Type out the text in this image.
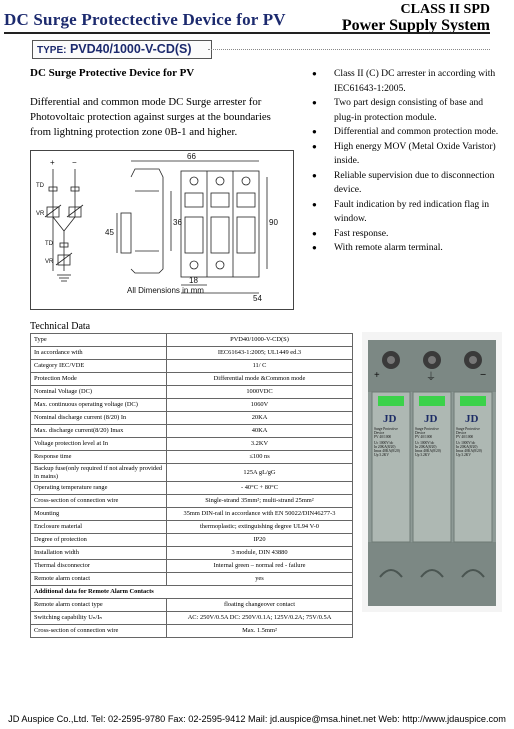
DC Surge Protectective Device for PV
CLASS II SPD
Power Supply System
TYPE: PVD40/1000-V-CD(S)
DC Surge Protective Device for PV
Differential and common mode DC Surge arrester for Photovoltaic protection against surges at the boundaries from lightning protection zone 0B-1 and higher.
● Class II (C) DC arrester in according with IEC61643-1:2005.
● Two part design consisting of base and plug-in protection module.
● Differential and common protection mode.
● High energy MOV (Metal Oxide Varistor) inside.
● Reliable supervision due to disconnection device.
● Fault indication by red indication flag in window.
● Fast response.
● With remote alarm terminal.
+ −
TD
VR
TD
VR
66
45
36	90
18
54
All Dimensions in mm
Technical Data
Type	PVD40/1000-V-CD(S)
In accordance with	IEC61643-1:2005; UL1449 ed.3
Category IEC/VDE	11/ C
Protection Mode	Differential mode &Common mode
Nominal Voltage (DC)	1000VDC
Max. continuous operating voltage (DC)	1060V
Nominal discharge current (8/20) In	20KA
Max. discharge current(8/20) Imax	40KA
Voltage protection level at In	3.2KV
Response time	≤100 ns
Backup fuse(only required if not already provided in mains)	125A gL/gG
Operating temperature range	- 40°C + 80°C
Cross-section of connection wire	Single-strand 35mm²; multi-strand 25mm²
Mounting	35mm DIN-rail in accordance with EN 50022/DIN46277-3
Enclosure material	thermoplastic; extinguishing degree UL94 V-0
Degree of protection	IP20
Installation width	3 module, DIN 43880
Thermal disconnector	Internal green – normal red - failure
Remote alarm contact	yes
Additional data for Remote Alarm Contacts	
Remote alarm contact type	floating changeover contact
Switching capability Uₙ/Iₙ	AC: 250V/0.5A DC: 250V/0.1A; 125V/0.2A; 75V/0.5A
Cross-section of connection wire	Max. 1.5mm²
+	⏚	−
JD	JD	JD
Surge Protective
Device
PV 40/1000
Uc 1000V/dc
In 20KA(8/20)
Imax 40KA(8/20)
Up 3.2KV
Surge Protective
Device
PV 40/1000
Uc 1000V/dc
In 20KA(8/20)
Imax 40KA(8/20)
Up 3.2KV
Surge Protective
Device
PV 40/1000
Uc 1000V/dc
In 20KA(8/20)
Imax 40KA(8/20)
Up 3.2KV
JD Auspice Co.,Ltd. Tel: 02-2595-9780 Fax: 02-2595-9412 Mail: jd.auspice@msa.hinet.net Web: http://www.jdauspice.com
